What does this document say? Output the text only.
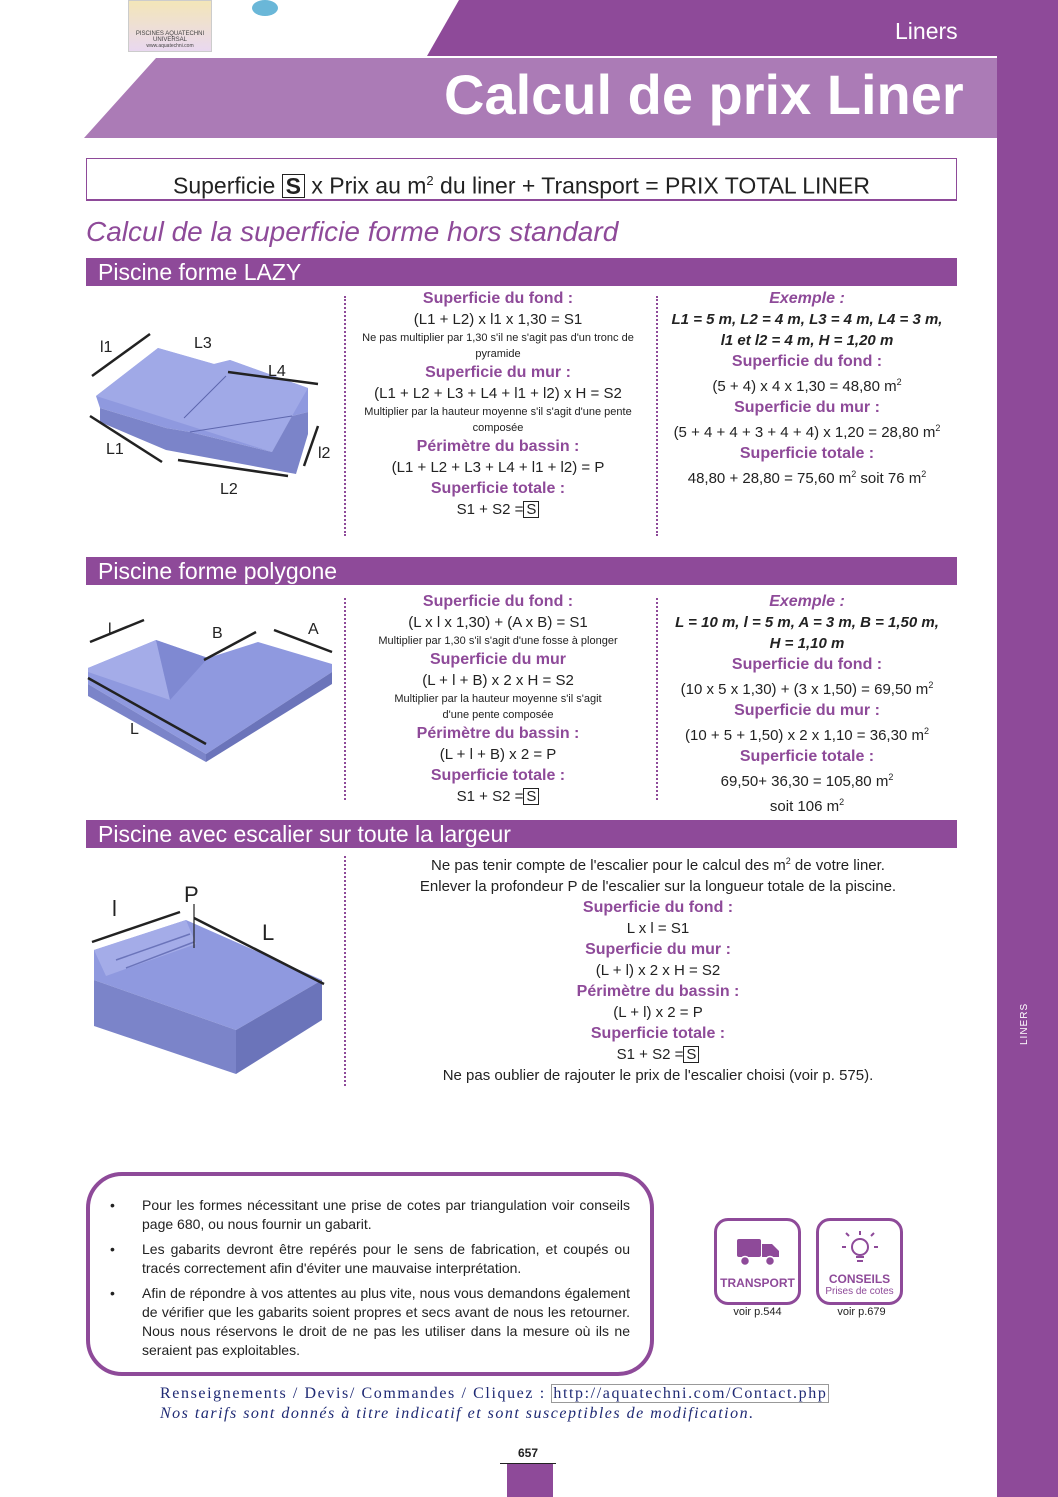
LINERS
PISCINES AQUATECHNI UNIVERSAL
www.aquatechni.com
Liners
Calcul de prix Liner
Superficie S x Prix au $m^2$ du liner + Transport = PRIX TOTAL LINER
Calcul de la superficie forme hors standard
Piscine forme LAZY
l1	L3
L4
L1	l2
L2
Superficie du fond :
(L1 + L2) x l1 x 1,30 = S1
Ne pas multiplier par 1,30 s'il ne s'agit pas d'un tronc de pyramide
Superficie du mur :
(L1 + L2 + L3 + L4 + l1 + l2) x H = S2
Multiplier par la hauteur moyenne s'il s'agit d'une pente composée
Périmètre du bassin :
(L1 + L2 + L3 + L4 + l1 + l2) = P
Superficie totale :
S1 + S2 = S
Exemple :
L1 = 5 m, L2 = 4 m, L3 = 4 m, L4 = 3 m,
l1 et l2 = 4 m, H = 1,20 m
Superficie du fond :
(5 + 4) x 4 x 1,30 = 48,80 $m^2$
Superficie du mur :
(5 + 4 + 4 + 3 + 4 + 4) x 1,20 = 28,80 $m^2$
Superficie totale :
48,80 + 28,80 = 75,60 $m^2$ soit 76 $m^2$
Piscine forme polygone
l	B	A
L
Superficie du fond :
(L x l x 1,30) + (A x B) = S1
Multiplier par 1,30 s'il s'agit d'une fosse à plonger
Superficie du mur
(L + l + B) x 2 x H = S2
Multiplier par la hauteur moyenne s'il s'agit
d'une pente composée
Périmètre du bassin :
(L + l + B) x 2 = P
Superficie totale :
S1 + S2 = S
Exemple :
L = 10 m, l = 5 m, A = 3 m, B = 1,50 m,
H = 1,10 m
Superficie du fond :
(10 x 5 x 1,30) + (3 x 1,50) = 69,50 $m^2$
Superficie du mur :
(10 + 5 + 1,50) x 2 x 1,10 = 36,30 $m^2$
Superficie totale :
69,50+ 36,30 = 105,80 $m^2$
soit 106 $m^2$
Piscine avec escalier sur toute la largeur
l
P
L
Ne pas tenir compte de l'escalier pour le calcul des $m^2$ de votre liner.
Enlever la profondeur P de l'escalier sur la longueur totale de la piscine.
Superficie du fond :
L x l = S1
Superficie du mur :
(L + l) x 2 x H = S2
Périmètre du bassin :
(L + l) x 2 = P
Superficie totale :
S1 + S2 = S
Ne pas oublier de rajouter le prix de l'escalier choisi (voir p. 575).
• Pour les formes nécessitant une prise de cotes par triangulation voir conseils page 680, ou nous fournir un gabarit.
• Les gabarits devront être repérés pour le sens de fabrication, et coupés ou tracés correctement afin d'éviter une mauvaise interprétation.
• Afin de répondre à vos attentes au plus vite, nous vous demandons également de vérifier que les gabarits soient propres et secs avant de nous les retourner. Nous nous réservons le droit de ne pas les utiliser dans la mesure où ils ne seraient pas exploitables.
TRANSPORT
voir p.544
CONSEILS
Prises de cotes
voir p.679
Renseignements / Devis/ Commandes / Cliquez : http://aquatechni.com/Contact.php
Nos tarifs sont donnés à titre indicatif et sont susceptibles de modification.
657
